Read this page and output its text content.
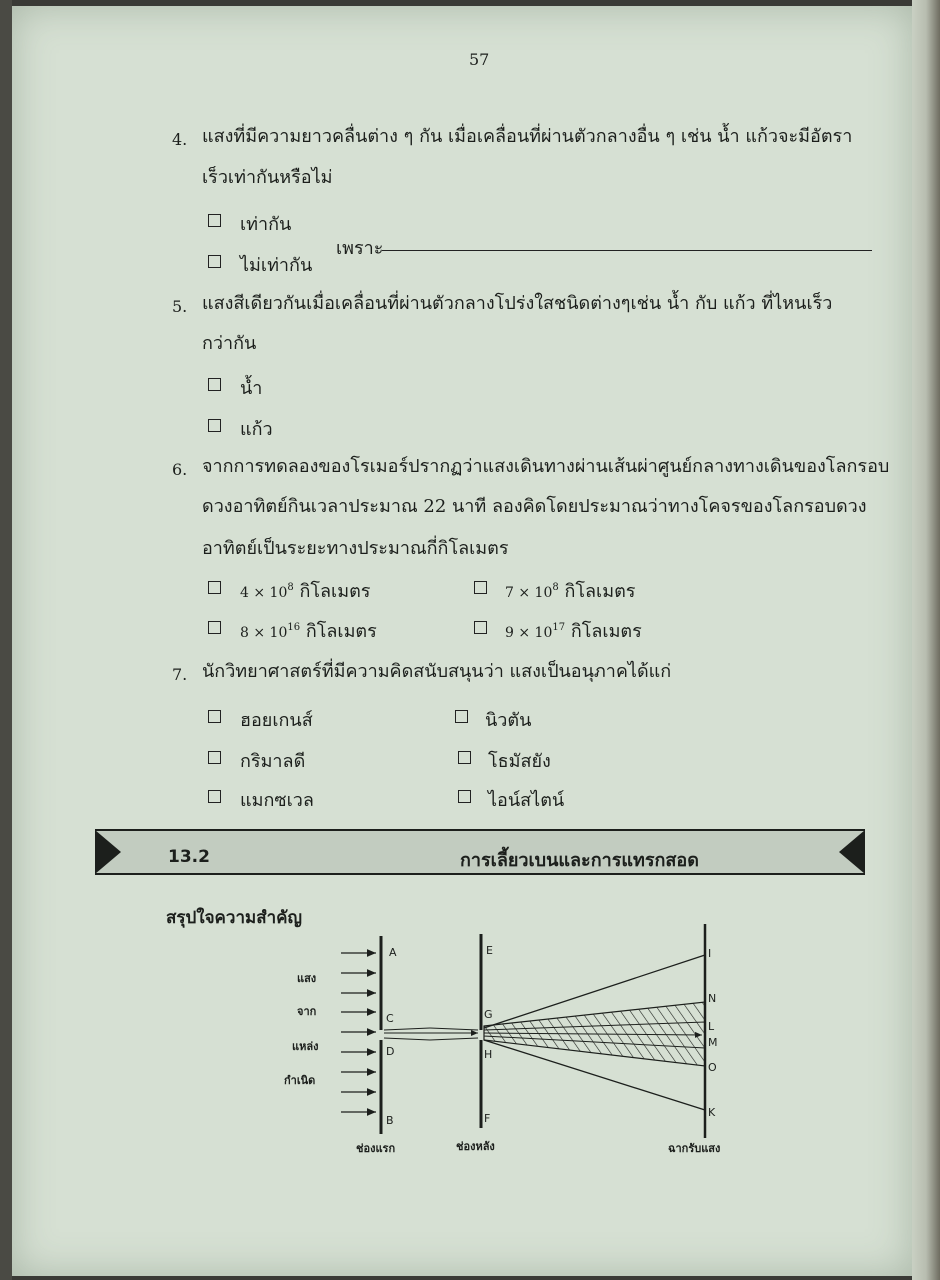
57
4. แสงที่มีความยาวคลื่นต่าง ๆ กัน เมื่อเคลื่อนที่ผ่านตัวกลางอื่น ๆ เช่น น้ำ แก้วจะมีอัตรา
เร็วเท่ากันหรือไม่
เท่ากัน
ไม่เท่ากัน
เพราะ
5. แสงสีเดียวกันเมื่อเคลื่อนที่ผ่านตัวกลางโปร่งใสชนิดต่างๆเช่น น้ำ กับ แก้ว ที่ไหนเร็ว
กว่ากัน
น้ำ
แก้ว
6. จากการทดลองของโรเมอร์ปรากฏว่าแสงเดินทางผ่านเส้นผ่าศูนย์กลางทางเดินของโลกรอบ
ดวงอาทิตย์กินเวลาประมาณ 22 นาที ลองคิดโดยประมาณว่าทางโคจรของโลกรอบดวง
อาทิตย์เป็นระยะทางประมาณกี่กิโลเมตร
$4 \times 10^8$ กิโลเมตร	$7 \times 10^8$ กิโลเมตร
$8 \times 10^{16}$ กิโลเมตร	$9 \times 10^{17}$ กิโลเมตร
7. นักวิทยาศาสตร์ที่มีความคิดสนับสนุนว่า แสงเป็นอนุภาคได้แก่
ฮอยเกนส์	นิวตัน
กริมาลดี	โธมัสยัง
แมกซเวล	ไอน์สไตน์
13.2	การเลี้ยวเบนและการแทรกสอด
สรุปใจความสำคัญ
A
B
C
D
E
F
G
H
I
K
L
M
N
O
แสง
จาก
แหล่ง
กำเนิด
ช่องแรก	ช่องหลัง	ฉากรับแสง
